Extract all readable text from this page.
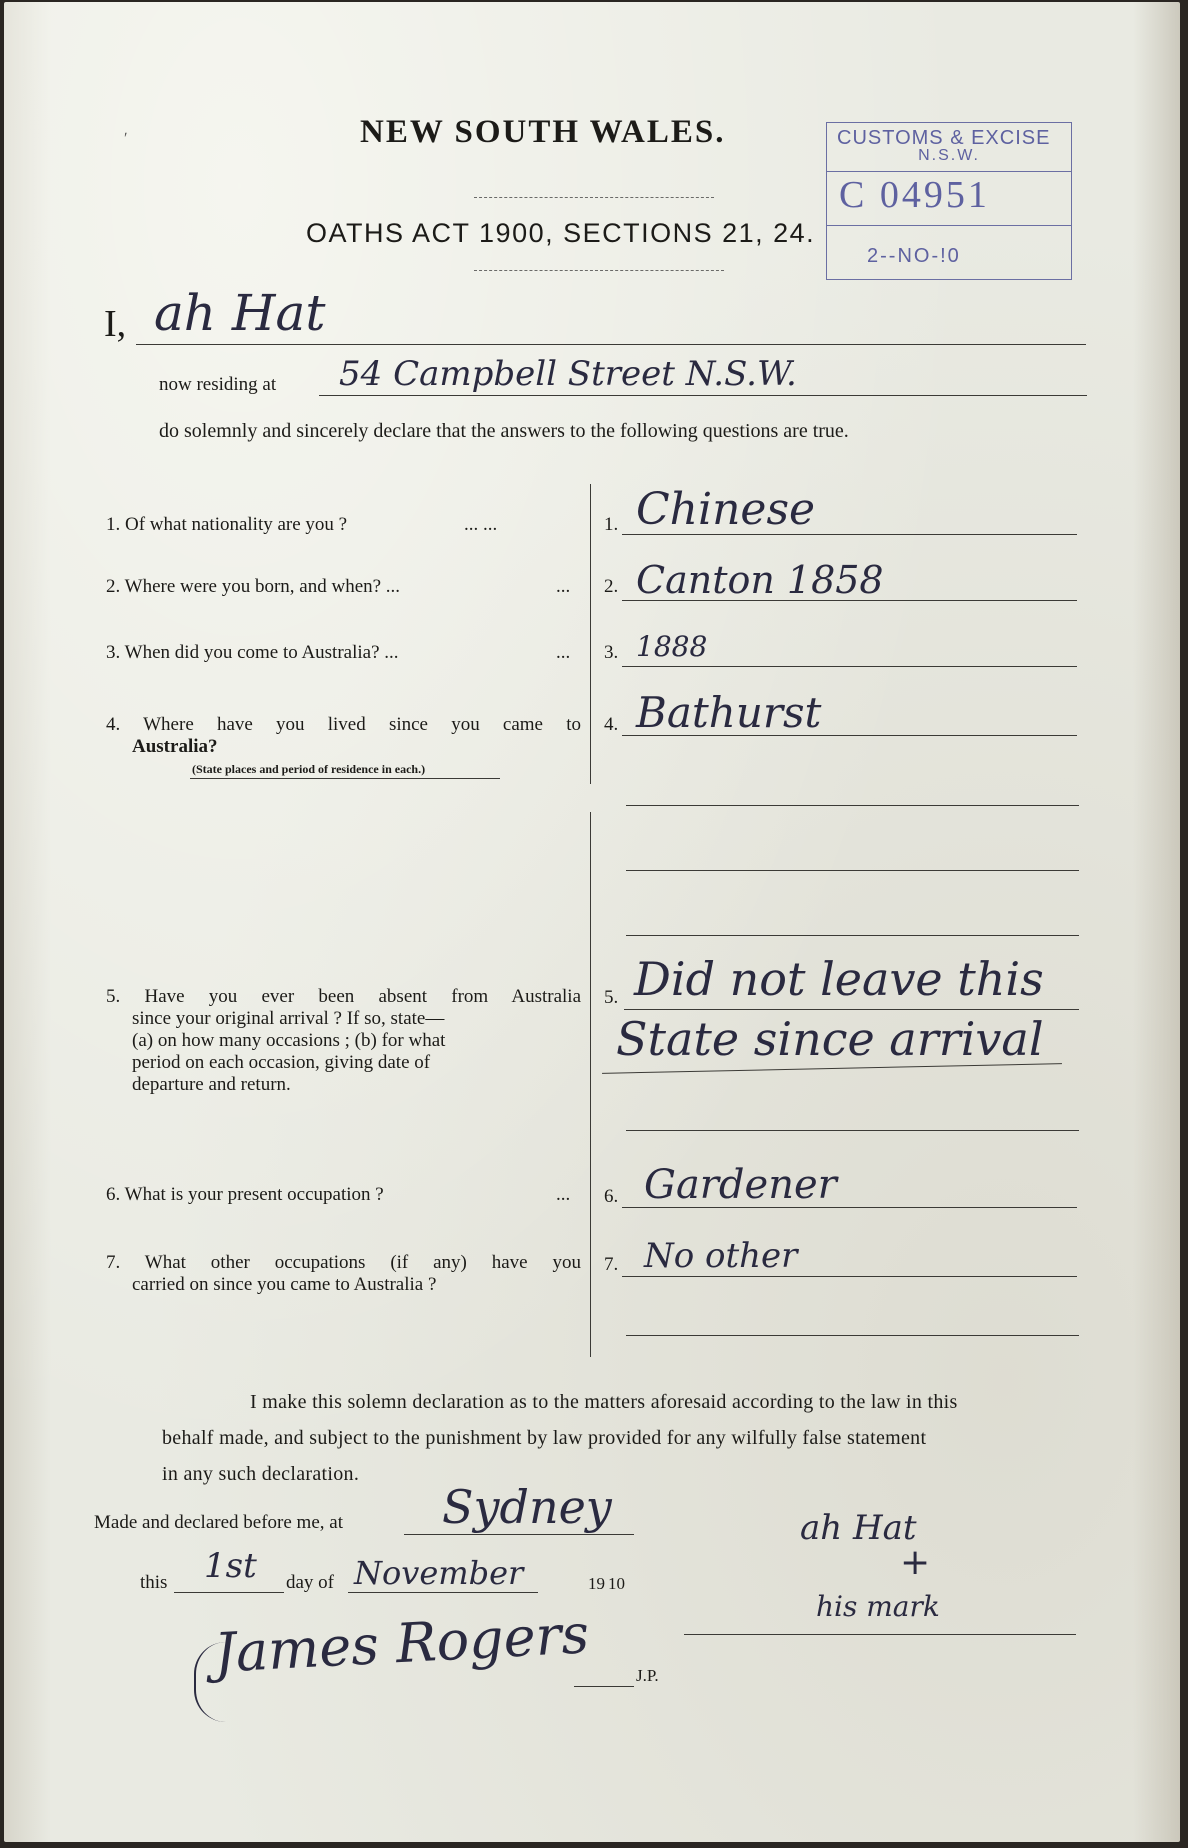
ʹ	NEW SOUTH WALES.
OATHS ACT 1900, SECTIONS 21, 24.
CUSTOMS & EXCISE
N.S.W.
C 04951
2--NO-!0
I, ah Hat
now residing at 54 Campbell Street N.S.W.
do solemnly and sincerely declare that the answers to the following questions are true.
1. Of what nationality are you ?	... ...	1. Chinese
2. Where were you born, and when? ...	... 2. Canton 1858
3. When did you come to Australia? ...	... 3. 1888
4. Where have you lived since you came to
Australia?
(State places and period of residence in each.)
4. Bathurst
5. Have you ever been absent from Australia
since your original arrival ? If so, state—
(a) on how many occasions ; (b) for what
period on each occasion, giving date of
departure and return.
5. Did not leave this
State since arrival
6. What is your present occupation ?	... 6. Gardener
7. What other occupations (if any) have you
carried on since you came to Australia ?
7. No other
I make this solemn declaration as to the matters aforesaid according to the law in this
behalf made, and subject to the punishment by law provided for any wilfully false statement
in any such declaration.
Made and declared before me, at Sydney
this 1st day of November	19 10
James Rogers	J.P.
ah Hat
+
his mark
